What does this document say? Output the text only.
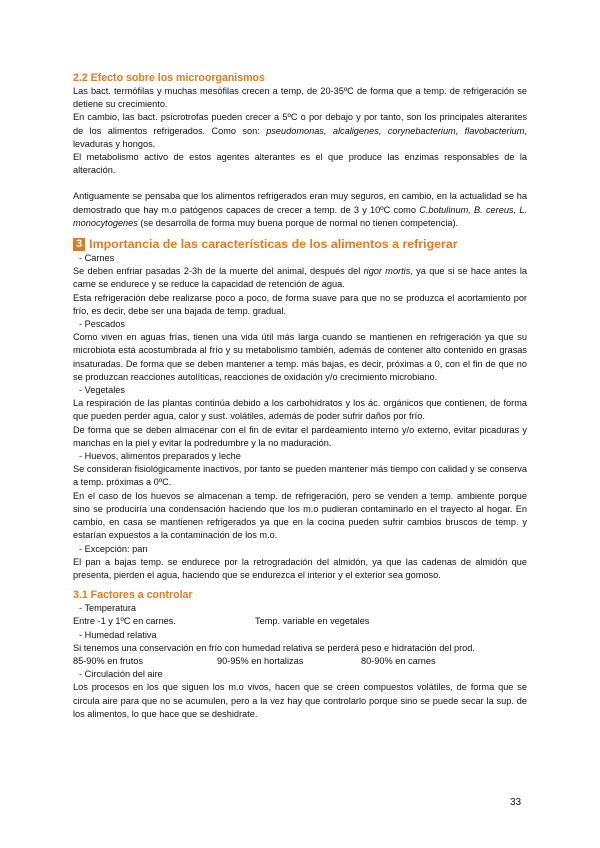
2.2 Efecto sobre los microorganismos

Las bact. termófilas y muchas mesófilas crecen a temp. de 20-35ºC de forma que a temp. de refrigeración se detiene su crecimiento.

En cambio, las bact. psicrotrofas pueden crecer a 5ºC o por debajo y por tanto, son los principales alterantes de los alimentos refrigerados. Como son: pseudomonas, alcaligenes, corynebacterium, flavobacterium, levaduras y hongos.

El metabolismo activo de estos agentes alterantes es el que produce las enzimas responsables de la alteración.

Antiguamente se pensaba que los alimentos refrigerados eran muy seguros, en cambio, en la actualidad se ha demostrado que hay m.o patógenos capaces de crecer a temp. de 3 y 10ºC como C.botulinum, B. cereus, L. monocytogenes (se desarrolla de forma muy buena porque de normal no tienen competencia).

3 Importancia de las características de los alimentos a refrigerar

- Carnes

Se deben enfriar pasadas 2-3h de la muerte del animal, después del rigor mortis, ya que si se hace antes la carne se endurece y se reduce la capacidad de retención de agua.

Esta refrigeración debe realizarse poco a poco, de forma suave para que no se produzca el acortamiento por frío, es decir, debe ser una bajada de temp. gradual.

- Pescados

Como viven en aguas frías, tienen una vida útil más larga cuando se mantienen en refrigeración ya que su microbiota está acostumbrada al frío y su metabolismo también, además de contener alto contenido en grasas insaturadas. De forma que se deben mantener a temp. más bajas, es decir, próximas a 0, con el fin de que no se produzcan reacciones autolíticas, reacciones de oxidación y/o crecimiento microbiano.

- Vegetales

La respiración de las plantas continúa debido a los carbohidratos y los ác. orgánicos que contienen, de forma que pueden perder agua, calor y sust. volátiles, además de poder sufrir daños por frío.

De forma que se deben almacenar con el fin de evitar el pardeamiento interno y/o externo, evitar picaduras y manchas en la piel y evitar la podredumbre y la no maduración.

- Huevos, alimentos preparados y leche

Se consideran fisiológicamente inactivos, por tanto se pueden mantener más tiempo con calidad y se conserva a temp. próximas a 0ºC.

En el caso de los huevos se almacenan a temp. de refrigeración, pero se venden a temp. ambiente porque sino se produciría una condensación haciendo que los m.o pudieran contaminarlo en el trayecto al hogar. En cambio, en casa se mantienen refrigerados ya que en la cocina pueden sufrir cambios bruscos de temp. y estarían expuestos a la contaminación de los m.o.

- Excepción: pan

El pan a bajas temp. se endurece por la retrogradación del almidón, ya que las cadenas de almidón que presenta, pierden el agua, haciendo que se endurezca el interior y el exterior sea gomoso.

3.1 Factores a controlar

- Temperatura

Entre -1 y 1ºC en carnes.	Temp. variable en vegetales

- Humedad relativa

Si tenemos una conservación en frío con humedad relativa se perderá peso e hidratación del prod.

85-90% en frutos	90-95% en hortalizas	80-90% en carnes

- Circulación del aire

Los procesos en los que siguen los m.o vivos, hacen que se creen compuestos volátiles, de forma que se circula aire para que no se acumulen, pero a la vez hay que controlarlo porque sino se puede secar la sup. de los alimentos, lo que hace que se deshidrate.

33
